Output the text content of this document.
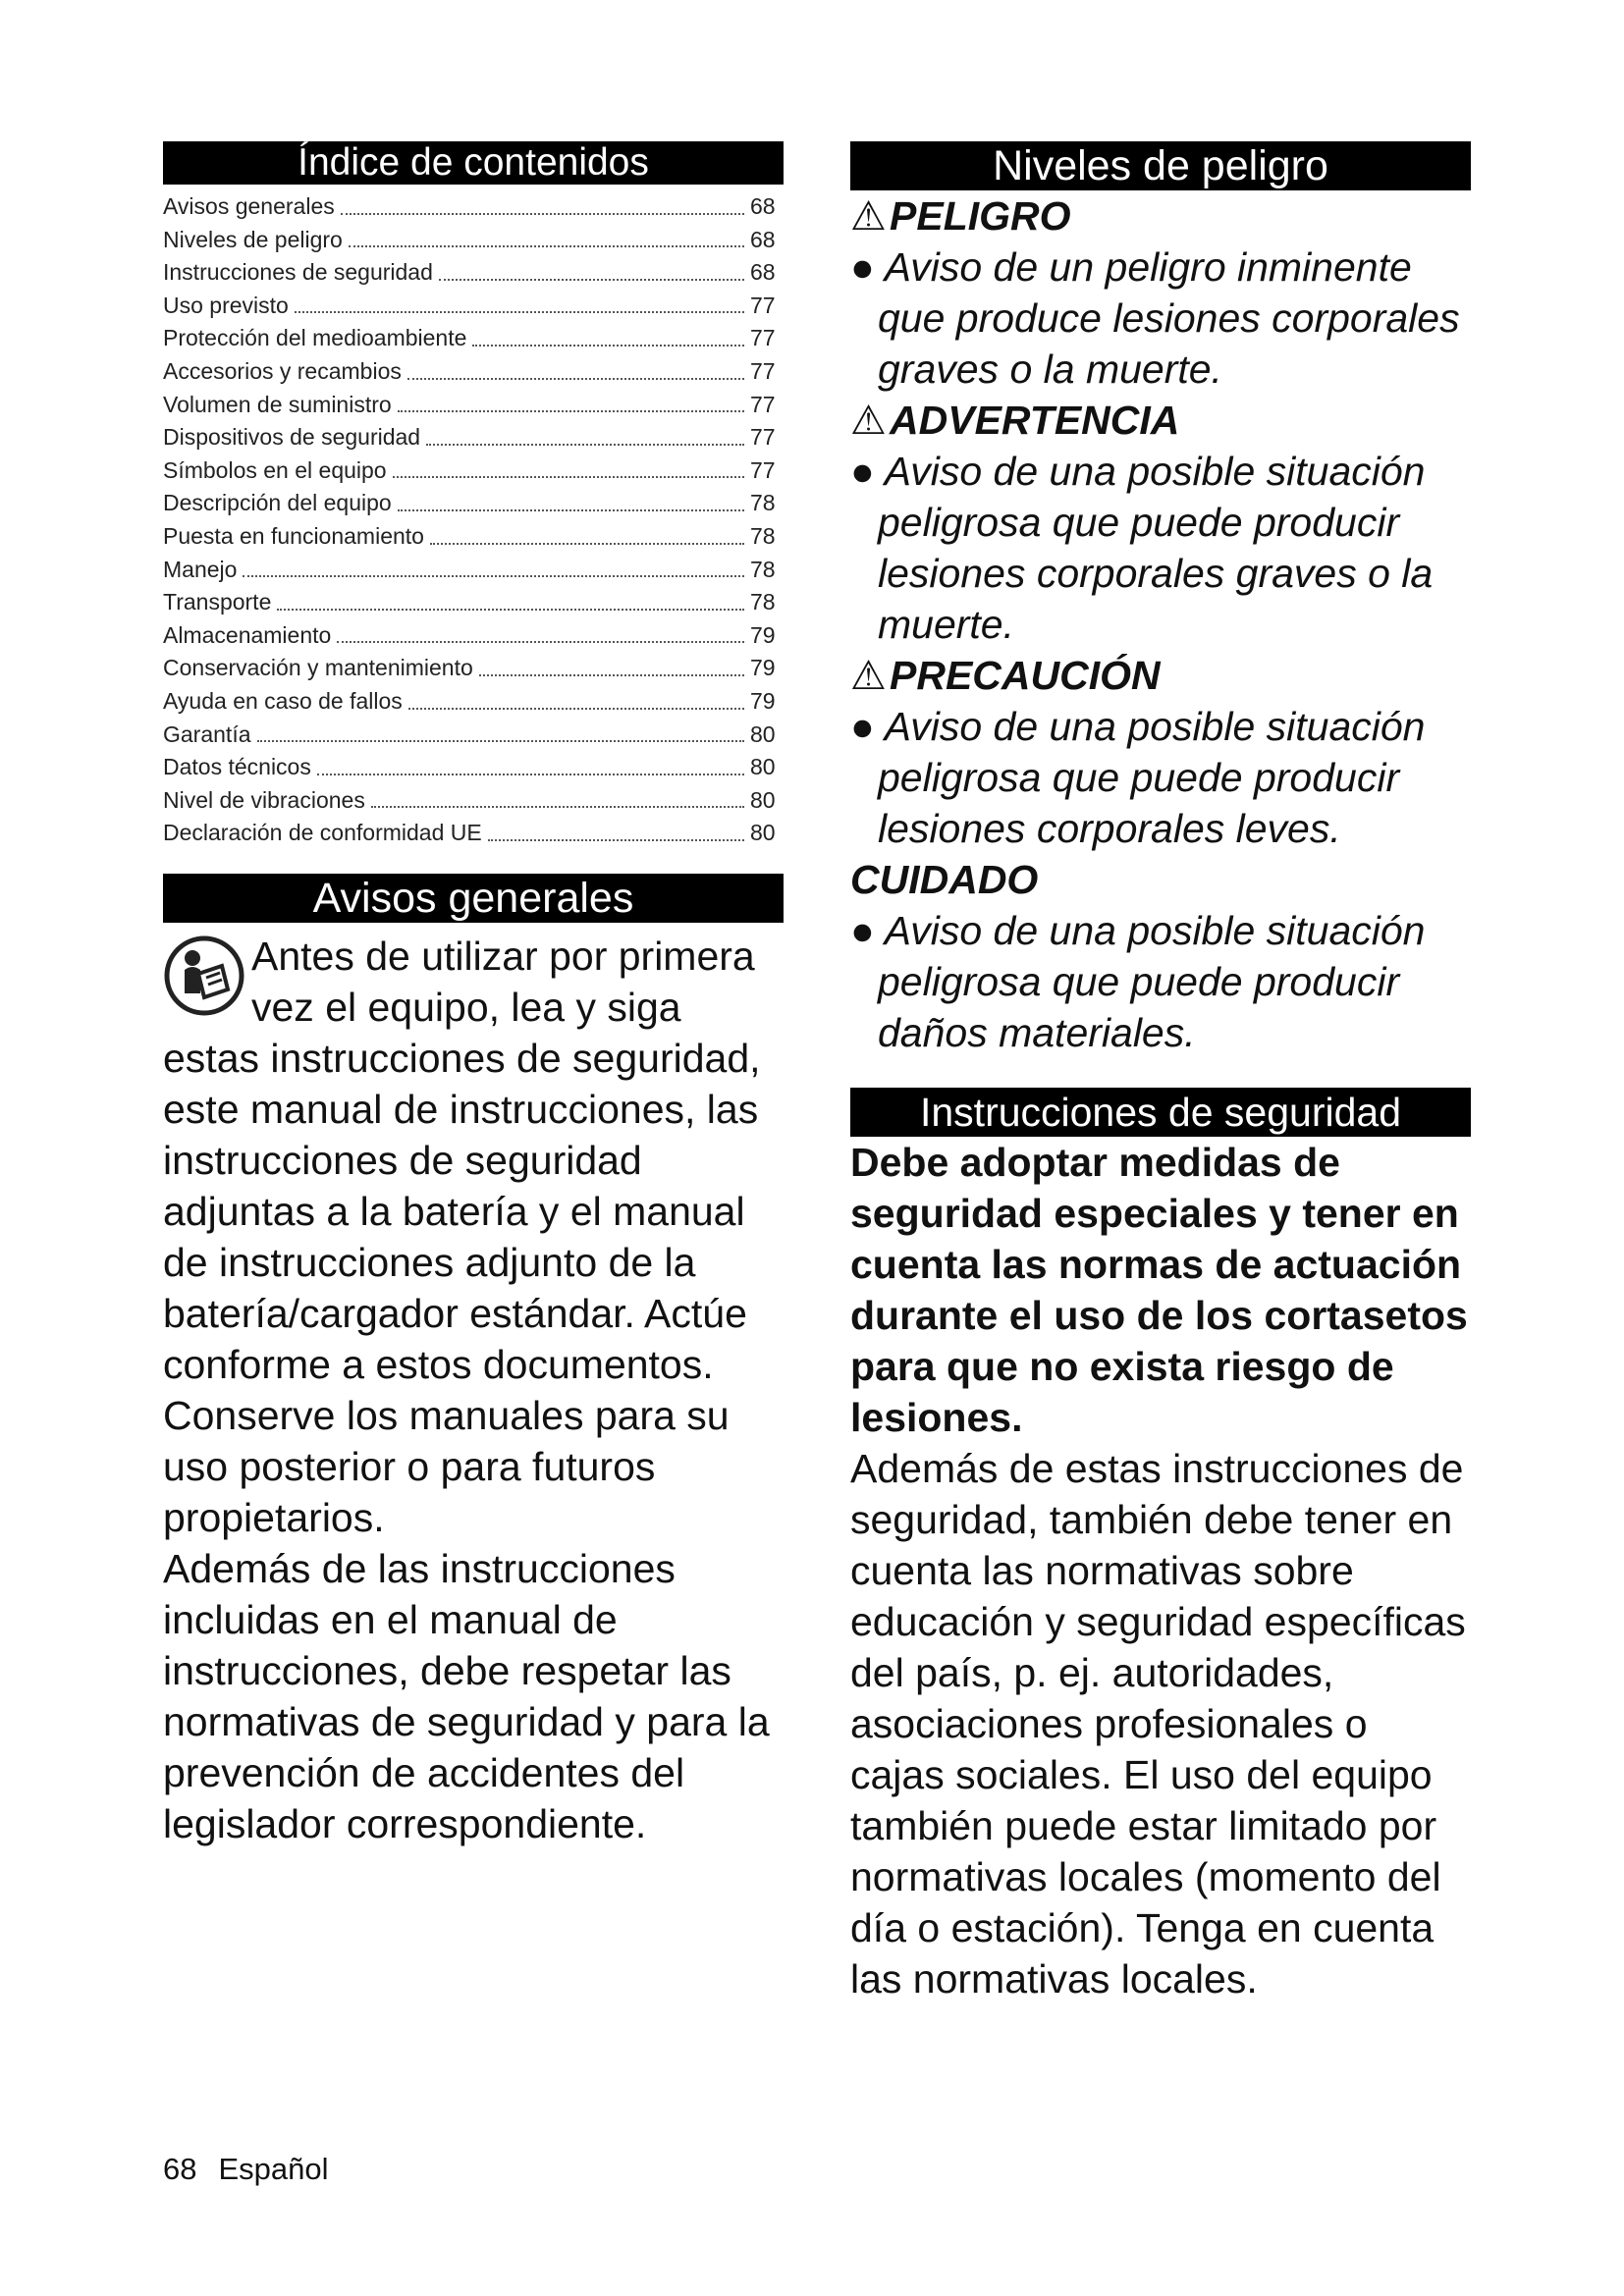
Índice de contenidos
Avisos generales	68
Niveles de peligro	68
Instrucciones de seguridad	68
Uso previsto	77
Protección del medioambiente	77
Accesorios y recambios	77
Volumen de suministro	77
Dispositivos de seguridad	77
Símbolos en el equipo	77
Descripción del equipo	78
Puesta en funcionamiento	78
Manejo	78
Transporte	78
Almacenamiento	79
Conservación y mantenimiento	79
Ayuda en caso de fallos	79
Garantía	80
Datos técnicos	80
Nivel de vibraciones	80
Declaración de conformidad UE	80
Avisos generales
Antes de utilizar por primera vez el equipo, lea y siga estas instrucciones de seguridad, este manual de instrucciones, las instrucciones de seguridad adjuntas a la batería y el manual de instrucciones adjunto de la batería/cargador estándar. Actúe conforme a estos documentos. Conserve los manuales para su uso posterior o para futuros propietarios.
Además de las instrucciones incluidas en el manual de instrucciones, debe respetar las normativas de seguridad y para la prevención de accidentes del legislador correspondiente.
Niveles de peligro
⚠PELIGRO
● Aviso de un peligro inminente que produce lesiones corporales graves o la muerte.
⚠ADVERTENCIA
● Aviso de una posible situación peligrosa que puede producir lesiones corporales graves o la muerte.
⚠PRECAUCIÓN
● Aviso de una posible situación peligrosa que puede producir lesiones corporales leves.
CUIDADO
● Aviso de una posible situación peligrosa que puede producir daños materiales.
Instrucciones de seguridad
Debe adoptar medidas de seguridad especiales y tener en cuenta las normas de actuación durante el uso de los cortasetos para que no exista riesgo de lesiones.
Además de estas instrucciones de seguridad, también debe tener en cuenta las normativas sobre educación y seguridad específicas del país, p. ej. autoridades, asociaciones profesionales o cajas sociales. El uso del equipo también puede estar limitado por normativas locales (momento del día o estación). Tenga en cuenta las normativas locales.
68 Español
